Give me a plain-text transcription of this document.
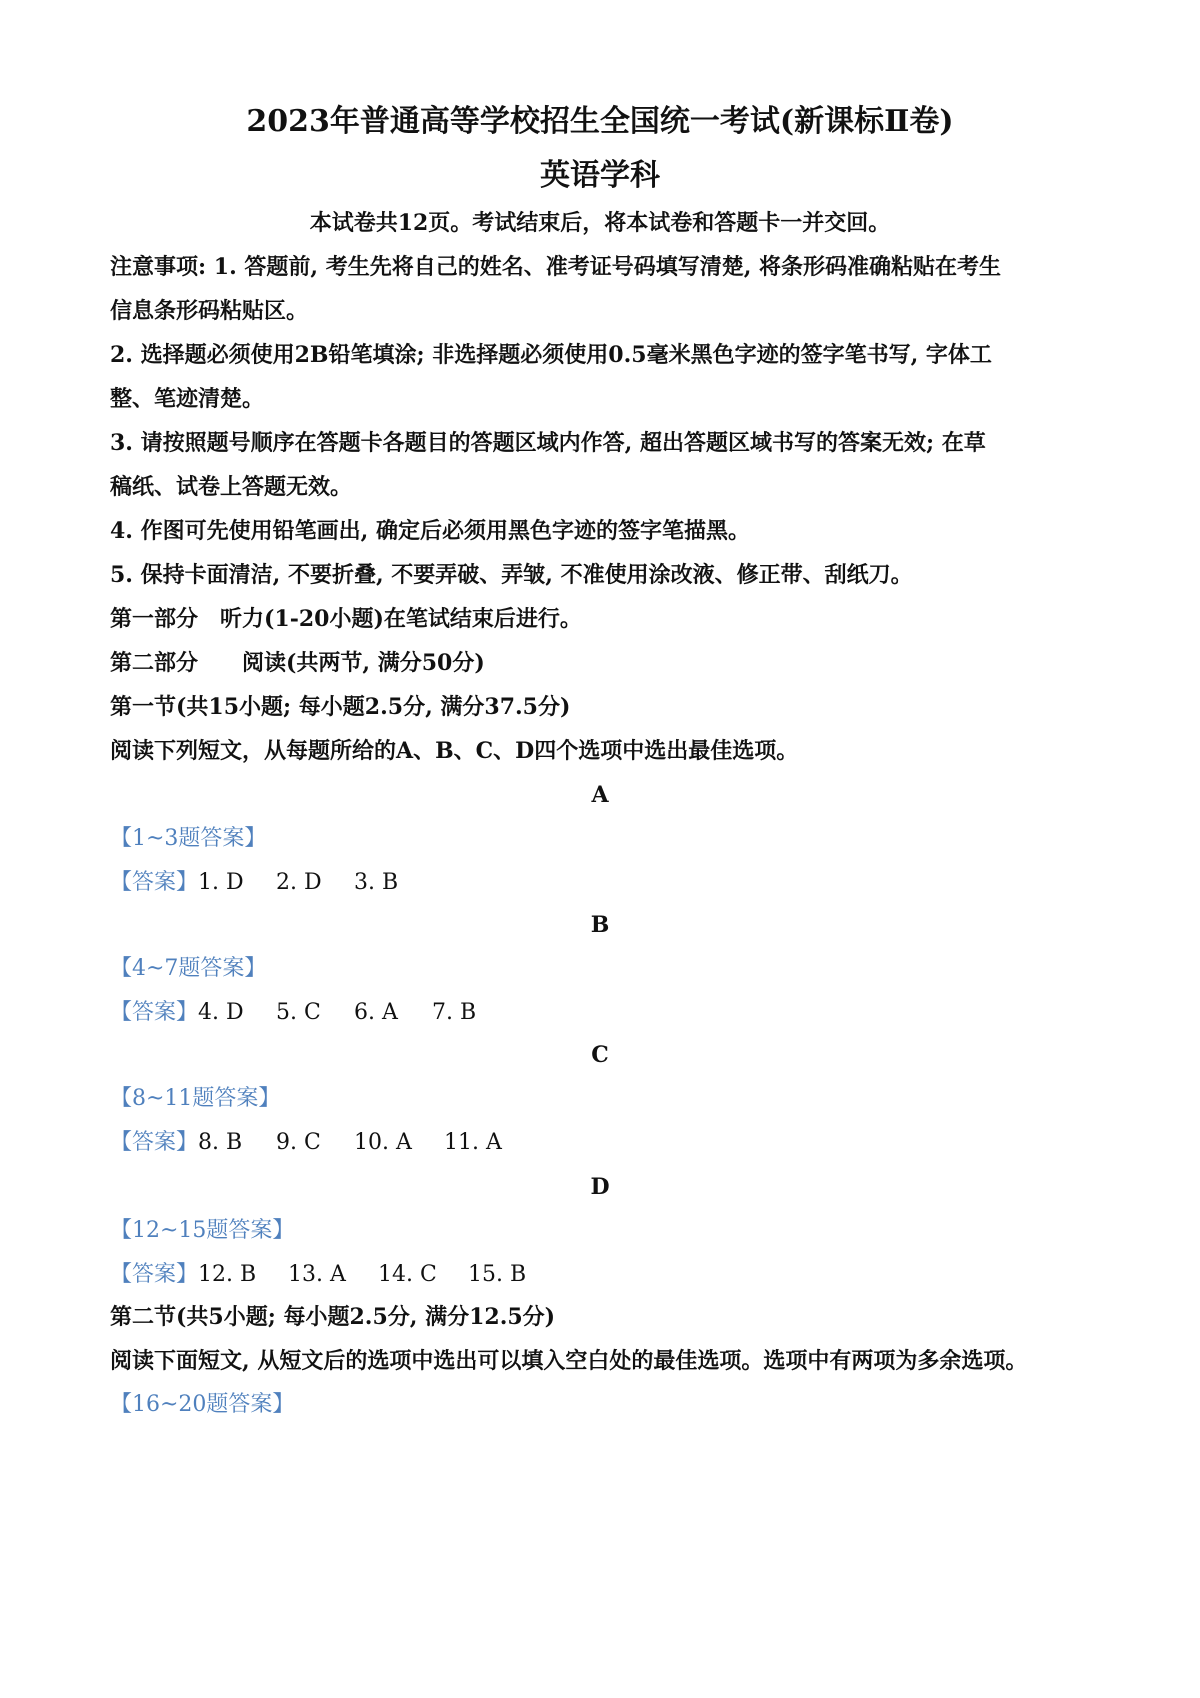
2023年普通高等学校招生全国统一考试(新课标Ⅱ卷)
英语学科
本试卷共12页。考试结束后，将本试卷和答题卡一并交回。
注意事项: 1. 答题前, 考生先将自己的姓名、准考证号码填写清楚, 将条形码准确粘贴在考生
信息条形码粘贴区。
2. 选择题必须使用2B铅笔填涂; 非选择题必须使用0.5毫米黑色字迹的签字笔书写, 字体工
整、笔迹清楚。
3. 请按照题号顺序在答题卡各题目的答题区域内作答, 超出答题区域书写的答案无效; 在草
稿纸、试卷上答题无效。
4. 作图可先使用铅笔画出, 确定后必须用黑色字迹的签字笔描黑。
5. 保持卡面清洁, 不要折叠, 不要弄破、弄皱, 不准使用涂改液、修正带、刮纸刀。
第一部分　听力(1-20小题)在笔试结束后进行。
第二部分　　阅读(共两节, 满分50分)
第一节(共15小题; 每小题2.5分, 满分37.5分)
阅读下列短文，从每题所给的A、B、C、D四个选项中选出最佳选项。
A
【1~3题答案】
【答案】 1. D	2. D	3. B
B
【4~7题答案】
【答案】 4. D	5. C	6. A	7. B
C
【8~11题答案】
【答案】 8. B	9. C	10. A	11. A
D
【12~15题答案】
【答案】 12. B	13. A	14. C	15. B
第二节(共5小题; 每小题2.5分, 满分12.5分)
阅读下面短文, 从短文后的选项中选出可以填入空白处的最佳选项。选项中有两项为多余选项。
【16~20题答案】
